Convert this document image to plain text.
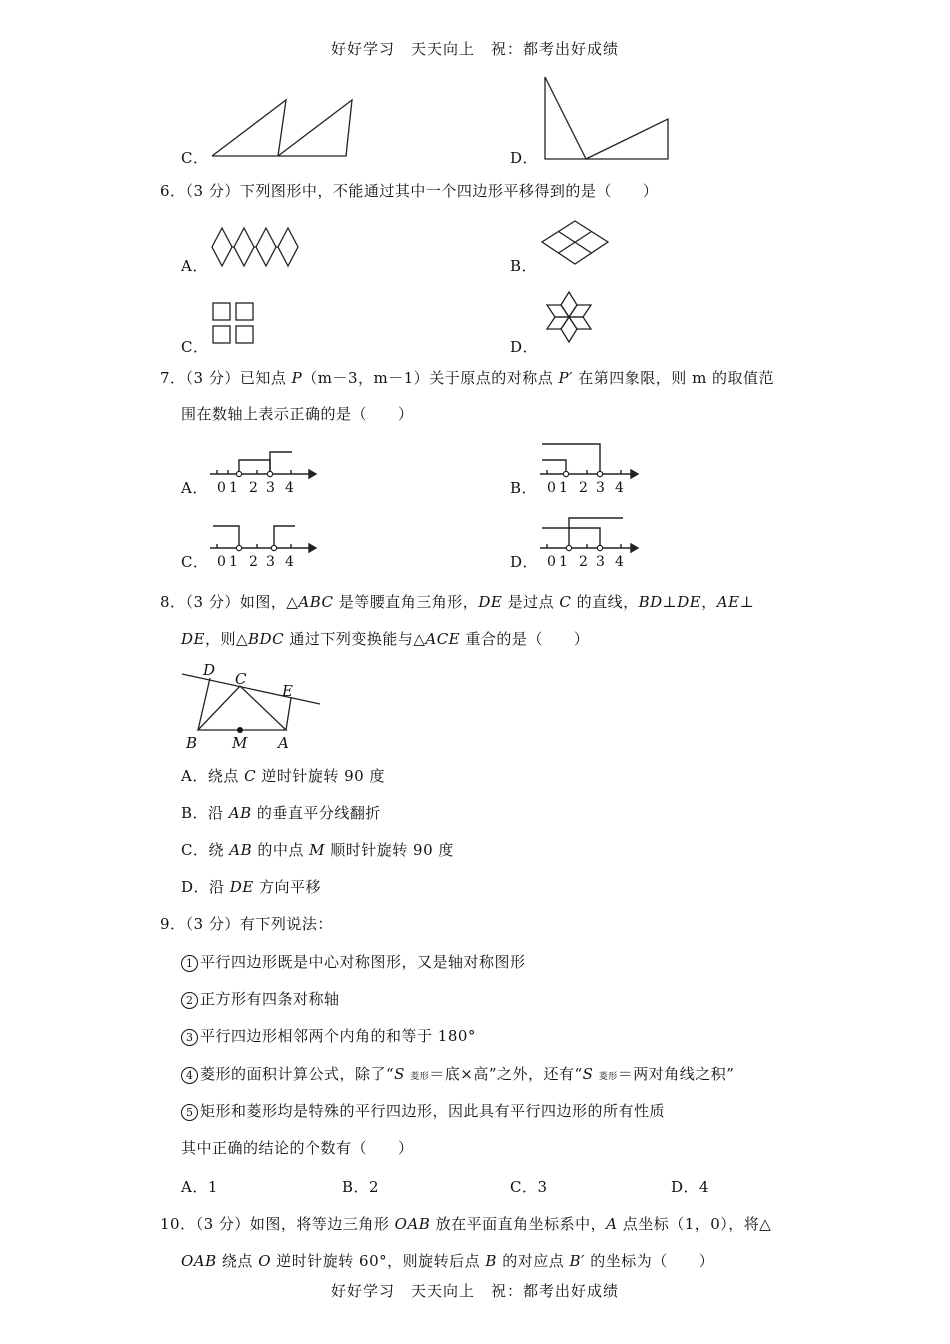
好好学习　天天向上　祝：都考出好成绩
好好学习　天天向上　祝：都考出好成绩
C．	D．
6．（3 分）下列图形中，不能通过其中一个四边形平移得到的是（　　）
A．	B．
C．	D．
7．（3 分）已知点 P（m－3，m－1）关于原点的对称点 P′ 在第四象限，则 m 的取值范
围在数轴上表示正确的是（　　）
A． 0 1 2 3 4	B． 0 1 2 3 4
C． 0 1 2 3 4	D． 0 1 2 3 4
8．（3 分）如图，△ABC 是等腰直角三角形，DE 是过点 C 的直线，BD⊥DE，AE⊥
DE，则△BDC 通过下列变换能与△ACE 重合的是（　　）
D C
E
B M A
A．绕点 C 逆时针旋转 90 度
B．沿 AB 的垂直平分线翻折
C．绕 AB 的中点 M 顺时针旋转 90 度
D．沿 DE 方向平移
9．（3 分）有下列说法：
1 平行四边形既是中心对称图形，又是轴对称图形
2 正方形有四条对称轴
3 平行四边形相邻两个内角的和等于 180°
4 菱形的面积计算公式，除了“S 菱形＝底×高”之外，还有“S 菱形＝两对角线之积”
5 矩形和菱形均是特殊的平行四边形，因此具有平行四边形的所有性质
其中正确的结论的个数有（　　）
A．1	B．2	C．3	D．4
10．（3 分）如图，将等边三角形 OAB 放在平面直角坐标系中，A 点坐标（1，0），将△
OAB 绕点 O 逆时针旋转 60°，则旋转后点 B 的对应点 B′ 的坐标为（　　）
